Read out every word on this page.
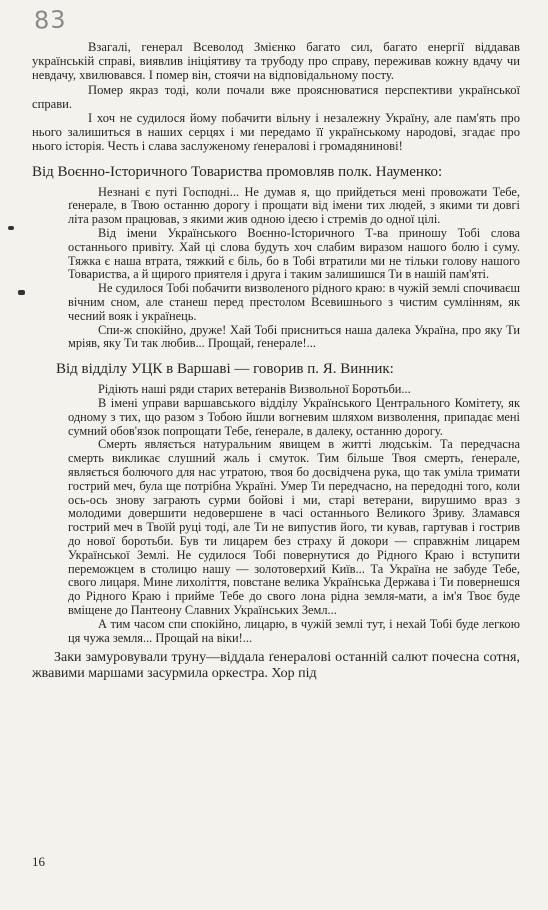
83

Взагалі, генерал Всеволод Змієнко багато сил, багато енергії віддавав українській справі, виявлив ініціятиву та трубоду про справу, переживав кожну вдачу чи невдачу, хвилювався. І помер він, стоячи на відповідальному посту.

Помер якраз тоді, коли почали вже прояснюватися перспективи української справи.

І хоч не судилося йому побачити вільну і незалежну Україну, але пам'ять про нього залишиться в наших серцях і ми передамо її українському народові, згадає про нього історія. Честь і слава заслуженому ґенералові і громадянинові!

Від Воєнно-Історичного Товариства промовляв полк. Науменко:

Незнані є путі Господні... Не думав я, що прийдеться мені провожати Тебе, ґенерале, в Твою останню дорогу і прощати від імени тих людей, з якими ти довгі літа разом працював, з якими жив одною ідеєю і стремів до одної цілі.

Від імени Українського Воєнно-Історичного Т-ва приношу Тобі слова останнього привіту. Хай ці слова будуть хоч слабим виразом нашого болю і суму. Тяжка є наша втрата, тяжкий є біль, бо в Тобі втратили ми не тільки голову нашого Товариства, а й щирого приятеля і друга і таким залишишся Ти в нашій пам'яті.

Не судилося Тобі побачити визволеного рідного краю: в чужій землі спочиваєш вічним сном, але станеш перед престолом Всевишнього з чистим сумлінням, як чесний вояк і українець.

Спи-ж спокійно, друже! Хай Тобі присниться наша далека Україна, про яку Ти мріяв, яку Ти так любив... Прощай, ґенерале!...

Від відділу УЦК в Варшаві — говорив п. Я. Винник:

Рідіють наші ряди старих ветеранів Визвольної Боротьби...

В імені управи варшавського відділу Українського Центрального Комітету, як одному з тих, що разом з Тобою йшли вогневим шляхом визволення, припадає мені сумний обов'язок попрощати Тебе, ґенерале, в далеку, останню дорогу.

Смерть являється натуральним явищем в житті людськім. Та передчасна смерть викликає слушний жаль і смуток. Тим більше Твоя смерть, ґенерале, являється болючого для нас утратою, твоя бо досвідчена рука, що так уміла тримати гострий меч, була ще потрібна Україні. Умер Ти передчасно, на передодні того, коли ось-ось знову заграють сурми бойові і ми, старі ветерани, вирушимо враз з молодими довершити недовершене в часі останнього Великого Зриву. Зламався гострий меч в Твоїй руці тоді, але Ти не випустив його, ти кував, гартував і гострив до нової боротьби. Був ти лицарем без страху й докори — справжнім лицарем Української Землі. Не судилося Тобі повернутися до Рідного Краю і вступити переможцем в столицю нашу — золотоверхий Київ... Та Україна не забуде Тебе, свого лицаря. Мине лихоліття, повстане велика Українська Держава і Ти повернешся до Рідного Краю і прийме Тебе до свого лона рідна земля-мати, а ім'я Твоє буде вміщене до Пантеону Славних Українських Земл...

А тим часом спи спокійно, лицарю, в чужій землі тут, і нехай Тобі буде легкою ця чужа земля... Прощай на віки!...

Заки замуровували труну—віддала ґенералові останній салют почесна сотня, жвавими маршами засурмила оркестра. Хор під

16
